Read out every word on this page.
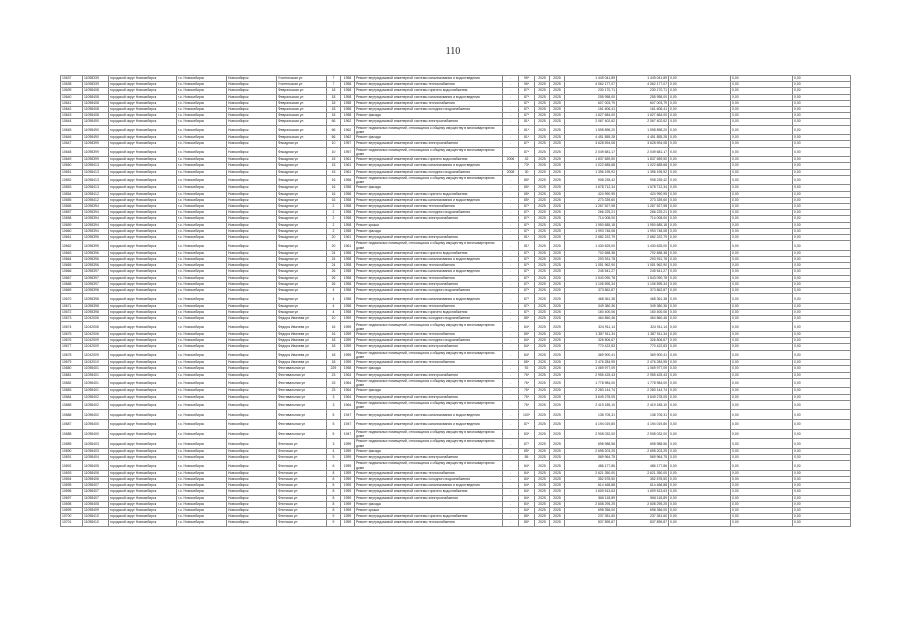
110
10637	11098339	городской округ Новосибирск	г.о. Новосибирск	Новосибирск	Учительская ул	7	1958	Ремонт внутридомовой инженерной системы канализования и водоотведения	-	95*	2025	2025	1 449 041,89	1 449 041,89	0,00	0,00	0,00
10638	11098339	городской округ Новосибирск	г.о. Новосибирск	Новосибирск	Учительская ул	7	1958	Ремонт внутридомовой инженерной системы теплоснабжения	-	96*	2025	2025	4 062 177,07	4 062 177,07	0,00	0,00	0,00
10639	11098408	городской округ Новосибирск	г.о. Новосибирск	Новосибирск	Февральская ул	18	1958	Ремонт внутридомовой инженерной системы горячего водоснабжения	-	87*	2025	2025	230 170,71	230 170,71	0,00	0,00	0,00
10640	11098408	городской округ Новосибирск	г.о. Новосибирск	Новосибирск	Февральская ул	18	1958	Ремонт внутридомовой инженерной системы канализования и водоотведения	-	87*	2025	2025	255 958,00	255 958,00	0,00	0,00	0,00
10641	11098408	городской округ Новосибирск	г.о. Новосибирск	Новосибирск	Февральская ул	18	1958	Ремонт внутридомовой инженерной системы теплоснабжения	-	87*	2025	2025	607 003,79	607 003,79	0,00	0,00	0,00
10642	11098408	городской округ Новосибирск	г.о. Новосибирск	Новосибирск	Февральская ул	18	1958	Ремонт внутридомовой инженерной системы холодного водоснабжения	-	87*	2025	2025	161 606,41	161 606,41	0,00	0,00	0,00
10643	11098408	городской округ Новосибирск	г.о. Новосибирск	Новосибирск	Февральская ул	18	1958	Ремонт фасада	-	87*	2025	2025	1 627 684,00	1 627 684,00	0,00	0,00	0,00
10644	11098490	городской округ Новосибирск	г.о. Новосибирск	Новосибирск	Февральская ул	66	1962	Ремонт внутридомовой инженерной системы электроснабжения	-	81*	2025	2025	2 067 402,62	2 067 402,62	0,00	0,00	0,00
10645	11098490	городской округ Новосибирск	г.о. Новосибирск	Новосибирск	Февральская ул	66	1962	Ремонт подвальных помещений, относящихся к общему имуществу в многоквартирном доме	-	81*	2025	2025	1 598 898,20	1 598 898,20	0,00	0,00	0,00
10646	11098490	городской округ Новосибирск	г.о. Новосибирск	Новосибирск	Февральская ул	66	1962	Ремонт фасада	-	81*	2025	2025	4 451 855,28	4 451 855,28	0,00	0,00	0,00
10647	11098399	городской округ Новосибирск	г.о. Новосибирск	Новосибирск	Фасадная ул	10	1957	Ремонт внутридомовой инженерной системы электроснабжения	-	87*	2025	2025	3 628 594,08	3 628 594,08	0,00	0,00	0,00
10648	11098399	городской округ Новосибирск	г.о. Новосибирск	Новосибирск	Фасадная ул	10	1957	Ремонт подвальных помещений, относящихся к общему имуществу в многоквартирном доме	-	87*	2025	2025	2 049 681,17	2 049 681,17	0,00	0,00	0,00
10649	11098399	городской округ Новосибирск	г.о. Новосибирск	Новосибирск	Фасадная ул	15	1961	Ремонт внутридомовой инженерной системы горячего водоснабжения	2006	32	2025	2025	1 837 659,50	1 837 659,50	0,00	0,00	0,00
10650	11098413	городской округ Новосибирск	г.о. Новосибирск	Новосибирск	Фасадная ул	15	1961	Ремонт внутридомовой инженерной системы канализования и водоотведения	-	73*	2025	2025	1 022 685,68	1 022 685,68	0,00	0,00	0,00
10651	11098413	городской округ Новосибирск	г.о. Новосибирск	Новосибирск	Фасадная ул	15	1961	Ремонт внутридомовой инженерной системы холодного водоснабжения	2008	30	2025	2025	1 396 195,92	1 396 195,92	0,00	0,00	0,00
10652	11098413	городской округ Новосибирск	г.о. Новосибирск	Новосибирск	Фасадная ул	16	1958	Ремонт подвальных помещений, относящихся к общему имуществу в многоквартирном доме	-	85*	2025	2025	908 235,42	908 235,42	0,00	0,00	0,00
10653	11098413	городской округ Новосибирск	г.о. Новосибирск	Новосибирск	Фасадная ул	16	1958	Ремонт фасада	-	85*	2025	2025	1 678 712,34	1 678 712,34	0,00	0,00	0,00
10654	11098412	городской округ Новосибирск	г.о. Новосибирск	Новосибирск	Фасадная ул	16	1958	Ремонт внутридомовой инженерной системы горячего водоснабжения	-	85*	2025	2025	424 990,95	424 990,95	0,00	0,00	0,00
10655	11098412	городской округ Новосибирск	г.о. Новосибирск	Новосибирск	Фасадная ул	16	1958	Ремонт внутридомовой инженерной системы канализования и водоотведения	-	85*	2025	2025	273 339,60	273 339,60	0,00	0,00	0,00
10656	11098394	городской округ Новосибирск	г.о. Новосибирск	Новосибирск	Фасадная ул	2	1958	Ремонт внутридомовой инженерной системы теплоснабжения	-	87*	2025	2025	1 267 527,98	1 267 527,98	0,00	0,00	0,00
10657	11098394	городской округ Новосибирск	г.о. Новосибирск	Новосибирск	Фасадная ул	2	1958	Ремонт внутридомовой инженерной системы холодного водоснабжения	-	87*	2025	2025	266 225,21	266 225,21	0,00	0,00	0,00
10658	11098394	городской округ Новосибирск	г.о. Новосибирск	Новосибирск	Фасадная ул	2	1958	Ремонт внутридомовой инженерной системы электроснабжения	-	87*	2025	2025	714 008,00	714 008,00	0,00	0,00	0,00
10659	11098394	городской округ Новосибирск	г.о. Новосибирск	Новосибирск	Фасадная ул	2	1958	Ремонт крыши	-	87*	2025	2025	1 950 685,18	1 950 685,18	0,00	0,00	0,00
10660	11098394	городской округ Новосибирск	г.о. Новосибирск	Новосибирск	Фасадная ул	2	1958	Ремонт фасада	-	87*	2025	2025	1 993 748,08	1 993 748,08	0,00	0,00	0,00
10661	11098395	городской округ Новосибирск	г.о. Новосибирск	Новосибирск	Фасадная ул	20	1961	Ремонт внутридомовой инженерной системы электроснабжения	-	81*	2025	2025	2 682 222,79	2 682 222,79	0,00	0,00	0,00
10662	11098395	городской округ Новосибирск	г.о. Новосибирск	Новосибирск	Фасадная ул	20	1961	Ремонт подвальных помещений, относящихся к общему имуществу в многоквартирном доме	-	81*	2025	2025	1 430 625,00	1 430 625,00	0,00	0,00	0,00
10663	11098396	городской округ Новосибирск	г.о. Новосибирск	Новосибирск	Фасадная ул	24	1958	Ремонт внутридомовой инженерной системы горячего водоснабжения	-	87*	2025	2025	702 658,38	702 658,38	0,00	0,00	0,00
10664	11098396	городской округ Новосибирск	г.о. Новосибирск	Новосибирск	Фасадная ул	24	1958	Ремонт внутридомовой инженерной системы канализования и водоотведения	-	87*	2025	2025	293 931,78	293 931,78	0,00	0,00	0,00
10665	11098396	городской округ Новосибирск	г.о. Новосибирск	Новосибирск	Фасадная ул	24	1958	Ремонт внутридомовой инженерной системы теплоснабжения	-	87*	2025	2025	1 051 962,90	1 051 962,90	0,00	0,00	0,00
10666	11098397	городской округ Новосибирск	г.о. Новосибирск	Новосибирск	Фасадная ул	26	1958	Ремонт внутридомовой инженерной системы канализования и водоотведения	-	87*	2025	2025	245 541,27	245 541,27	0,00	0,00	0,00
10667	11098397	городской округ Новосибирск	г.о. Новосибирск	Новосибирск	Фасадная ул	26	1958	Ремонт внутридомовой инженерной системы теплоснабжения	-	87*	2025	2025	1 543 090,78	1 543 090,78	0,00	0,00	0,00
10668	11098397	городской округ Новосибирск	г.о. Новосибирск	Новосибирск	Фасадная ул	26	1958	Ремонт внутридомовой инженерной системы электроснабжения	-	87*	2025	2025	1 106 595,34	1 106 595,34	0,00	0,00	0,00
10669	11098398	городской округ Новосибирск	г.о. Новосибирск	Новосибирск	Фасадная ул	4	1958	Ремонт внутридомовой инженерной системы холодного водоснабжения	-	87*	2025	2025	373 862,87	373 862,87	0,00	0,00	0,00
10670	11098398	городской округ Новосибирск	г.о. Новосибирск	Новосибирск	Фасадная ул	4	1958	Ремонт внутридомовой инженерной системы канализования и водоотведения	-	87*	2025	2025	468 361,38	468 361,38	0,00	0,00	0,00
10671	11098398	городской округ Новосибирск	г.о. Новосибирск	Новосибирск	Фасадная ул	4	1958	Ремонт внутридомовой инженерной системы теплоснабжения	-	87*	2025	2025	349 380,36	349 380,36	0,00	0,00	0,00
10672	11098398	городской округ Новосибирск	г.о. Новосибирск	Новосибирск	Фасадная ул	4	1958	Ремонт внутридомовой инженерной системы горячего водоснабжения	-	87*	2025	2025	160 400,06	160 400,06	0,00	0,00	0,00
10673	11042006	городской округ Новосибирск	г.о. Новосибирск	Новосибирск	Федора Ивачева ул	10	1959	Ремонт внутридомовой инженерной системы холодного водоснабжения	-	85*	2025	2025	464 860,46	464 860,46	0,00	0,00	0,00
10674	11042006	городской округ Новосибирск	г.о. Новосибирск	Новосибирск	Федора Ивачева ул	16	1959	Ремонт подвальных помещений, относящихся к общему имуществу в многоквартирном доме	-	84*	2025	2025	324 911,14	324 911,14	0,00	0,00	0,00
10675	11042006	городской округ Новосибирск	г.о. Новосибирск	Новосибирск	Федора Ивачева ул	16	1959	Ремонт внутридомовой инженерной системы теплоснабжения	-	85*	2025	2025	1 387 511,34	1 387 511,34	0,00	0,00	0,00
10676	11042009	городской округ Новосибирск	г.о. Новосибирск	Новосибирск	Федора Ивачева ул	18	1959	Ремонт внутридомовой инженерной системы холодного водоснабжения	-	84*	2025	2025	326 806,67	326 806,67	0,00	0,00	0,00
10677	11042009	городской округ Новосибирск	г.о. Новосибирск	Новосибирск	Федора Ивачева ул	18	1959	Ремонт внутридомовой инженерной системы электроснабжения	-	84*	2025	2025	770 422,83	770 422,83	0,00	0,00	0,00
10678	11042009	городской округ Новосибирск	г.о. Новосибирск	Новосибирск	Федора Ивачева ул	18	1959	Ремонт подвальных помещений, относящихся к общему имуществу в многоквартирном доме	-	84*	2025	2025	369 900,41	369 900,41	0,00	0,00	0,00
10679	11042010	городской округ Новосибирск	г.о. Новосибирск	Новосибирск	Федора Ивачева ул	18	1959	Ремонт внутридомовой инженерной системы теплоснабжения	-	85*	2025	2025	2 476 284,95	2 476 284,95	0,00	0,00	0,00
10680	11098401	городской округ Новосибирск	г.о. Новосибирск	Новосибирск	Фестивальная ул	229	1958	Ремонт фасада	-	92	2025	2025	1 069 977,09	1 069 977,09	0,00	0,00	0,00
10681	11098401	городской округ Новосибирск	г.о. Новосибирск	Новосибирск	Фестивальная ул	23	1964	Ремонт внутридомовой инженерной системы электроснабжения	-	76*	2025	2025	2 955 425,43	2 955 425,43	0,00	0,00	0,00
10682	11098401	городской округ Новосибирск	г.о. Новосибирск	Новосибирск	Фестивальная ул	23	1964	Ремонт подвальных помещений, относящихся к общему имуществу в многоквартирном доме	-	76*	2025	2025	1 778 984,00	1 778 984,00	0,00	0,00	0,00
10683	11098401	городской округ Новосибирск	г.о. Новосибирск	Новосибирск	Фестивальная ул	23	1964	Ремонт фасада	-	76*	2025	2025	2 283 144,74	2 283 144,74	0,00	0,00	0,00
10684	11098402	городской округ Новосибирск	г.о. Новосибирск	Новосибирск	Фестивальная ул	3	1964	Ремонт внутридомовой инженерной системы электроснабжения	-	76*	2025	2025	3 649 278,05	3 649 278,05	0,00	0,00	0,00
10685	11098402	городской округ Новосибирск	г.о. Новосибирск	Новосибирск	Фестивальная ул	3	1964	Ремонт подвальных помещений, относящихся к общему имуществу в многоквартирном доме	-	76*	2025	2025	2 419 185,10	2 419 185,10	0,00	0,00	0,00
10686	11098402	городской округ Новосибирск	г.о. Новосибирск	Новосибирск	Фестивальная ул	5	1947	Ремонт внутридомовой инженерной системы канализования и водоотведения	-	100*	2025	2025	138 705,31	138 705,31	0,00	0,00	0,00
10687	11098400	городской округ Новосибирск	г.о. Новосибирск	Новосибирск	Фестивальная ул	5	1947	Ремонт внутридомовой инженерной системы канализования и водоотведения	-	87*	2025	2025	4 194 019,80	4 194 019,80	0,00	0,00	0,00
10688	11098400	городской округ Новосибирск	г.о. Новосибирск	Новосибирск	Фестивальная ул	5	1947	Ремонт подвальных помещений, относящихся к общему имуществу в многоквартирном доме	-	83*	2025	2025	2 908 032,00	2 908 032,00	0,00	0,00	0,00
10689	11098403	городской округ Новосибирск	г.о. Новосибирск	Новосибирск	Флотская ул	3	1959	Ремонт подвальных помещений, относящихся к общему имуществу в многоквартирном доме	-	87*	2025	2025	698 988,56	698 988,56	0,00	0,00	0,00
10690	11098403	городской округ Новосибирск	г.о. Новосибирск	Новосибирск	Флотская ул	4	1959	Ремонт фасада	-	85*	2025	2025	2 698 203,25	2 698 203,25	0,00	0,00	0,00
10691	11098404	городской округ Новосибирск	г.о. Новосибирск	Новосибирск	Флотская ул	5	1959	Ремонт внутридомовой инженерной системы электроснабжения	-	85	2025	2025	569 964,75	569 964,75	0,00	0,00	0,00
10692	11098405	городской округ Новосибирск	г.о. Новосибирск	Новосибирск	Флотская ул	6	1959	Ремонт подвальных помещений, относящихся к общему имуществу в многоквартирном доме	-	84*	2025	2025	486 177,86	486 177,86	0,00	0,00	0,00
10693	11098406	городской округ Новосибирск	г.о. Новосибирск	Новосибирск	Флотская ул	8	1959	Ремонт внутридомовой инженерной системы теплоснабжения	-	84*	2025	2025	2 621 350,00	2 621 350,00	0,00	0,00	0,00
10694	11098406	городской округ Новосибирск	г.о. Новосибирск	Новосибирск	Флотская ул	8	1959	Ремонт внутридомовой инженерной системы холодного водоснабжения	-	84*	2025	2025	352 578,50	352 578,50	0,00	0,00	0,00
10695	11098407	городской округ Новосибирск	г.о. Новосибирск	Новосибирск	Флотская ул	8	1959	Ремонт внутридомовой инженерной системы канализования и водоотведения	-	84*	2025	2025	614 468,88	614 468,88	0,00	0,00	0,00
10696	11098407	городской округ Новосибирск	г.о. Новосибирск	Новосибирск	Флотская ул	8	1959	Ремонт внутридомовой инженерной системы горячего водоснабжения	-	84*	2025	2025	1 609 513,63	1 609 513,63	0,00	0,00	0,00
10697	11098407	городской округ Новосибирск	г.о. Новосибирск	Новосибирск	Флотская ул	8	1959	Ремонт внутридомовой инженерной системы электроснабжения	-	84*	2025	2025	566 118,89	566 118,89	0,00	0,00	0,00
10698	11098408	городской округ Новосибирск	г.о. Новосибирск	Новосибирск	Флотская ул	8	1959	Ремонт фасада	-	84*	2025	2025	2 608 295,25	2 608 295,25	0,00	0,00	0,00
10699	11098409	городской округ Новосибирск	г.о. Новосибирск	Новосибирск	Флотская ул	8	1959	Ремонт крыши	-	84*	2025	2025	698 356,00	698 356,00	0,00	0,00	0,00
10700	11098410	городской округ Новосибирск	г.о. Новосибирск	Новосибирск	Флотская ул	9	1959	Ремонт внутридомовой инженерной системы горячего водоснабжения	-	85*	2025	2025	237 351,60	237 351,60	0,00	0,00	0,00
10701	11098410	городской округ Новосибирск	г.о. Новосибирск	Новосибирск	Флотская ул	9	1959	Ремонт внутридомовой инженерной системы теплоснабжения	-	85*	2025	2025	837 895,87	837 895,87	0,00	0,00	0,00
